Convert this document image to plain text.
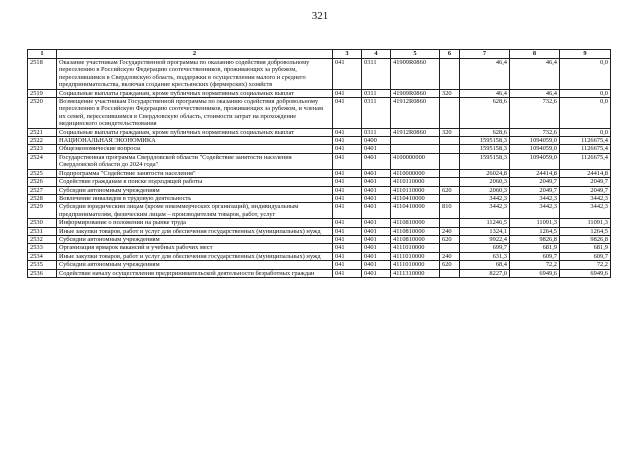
321
1	2	3	4	5	6	7	8	9
2518	Оказание участникам Государственной программы по оказанию содействия добровольному переселению в Российскую Федерацию соотечественников, проживающих за рубежом, переселившимся в Свердловскую область, поддержки в осуществлении малого и среднего предпринимательства, включая создание крестьянских (фермерских) хозяйств	041	0311	41909R0860		46,4	46,4	0,0
2519	Социальные выплаты гражданам, кроме публичных нормативных социальных выплат	041	0311	41909R0860	320	46,4	46,4	0,0
2520	Возмещение участникам Государственной программы по оказанию содействия добровольному переселению в Российскую Федерацию соотечественников, проживающих за рубежом, и членам их семей, переселившимся в Свердловскую область, стоимости затрат на прохождение медицинского освидетельствования	041	0311	41912R0860		628,6	732,6	0,0
2521	Социальные выплаты гражданам, кроме публичных нормативных социальных выплат	041	0311	41912R0860	320	628,6	732,6	0,0
2522	НАЦИОНАЛЬНАЯ ЭКОНОМИКА	041	0400			1595158,3	1094059,0	1126675,4
2523	Общеэкономические вопросы	041	0401			1595158,3	1094059,0	1126675,4
2524	Государственная программа Свердловской области "Содействие занятости населения Свердловской области до 2024 года"	041	0401	4100000000		1595158,3	1094059,0	1126675,4
2525	Подпрограмма "Содействие занятости населения"	041	0401	4110000000		26024,8	24414,8	24414,8
2526	Содействие гражданам в поиске подходящей работы	041	0401	4110110000		2060,3	2049,7	2049,7
2527	Субсидии автономным учреждениям	041	0401	4110110000	620	2060,3	2049,7	2049,7
2528	Вовлечение инвалидов в трудовую деятельность	041	0401	4110410000		3442,3	3442,3	3442,3
2529	Субсидии юридическим лицам (кроме некоммерческих организаций), индивидуальным предпринимателям, физическим лицам – производителям товаров, работ, услуг	041	0401	4110410000	810	3442,3	3442,3	3442,3
2530	Информирование о положении на рынке труда	041	0401	4110810000		11246,5	11091,3	11091,3
2531	Иные закупки товаров, работ и услуг для обеспечения государственных (муниципальных) нужд	041	0401	4110810000	240	1324,1	1264,5	1264,5
2532	Субсидии автономным учреждениям	041	0401	4110810000	620	9922,4	9826,8	9826,8
2533	Организация ярмарок вакансий и учебных рабочих мест	041	0401	4111010000		699,7	681,9	681,9
2534	Иные закупки товаров, работ и услуг для обеспечения государственных (муниципальных) нужд	041	0401	4111010000	240	631,3	609,7	609,7
2535	Субсидии автономным учреждениям	041	0401	4111010000	620	68,4	72,2	72,2
2536	Содействие началу осуществления предпринимательской деятельности безработных граждан	041	0401	4111310000		8227,0	6949,6	6949,6
